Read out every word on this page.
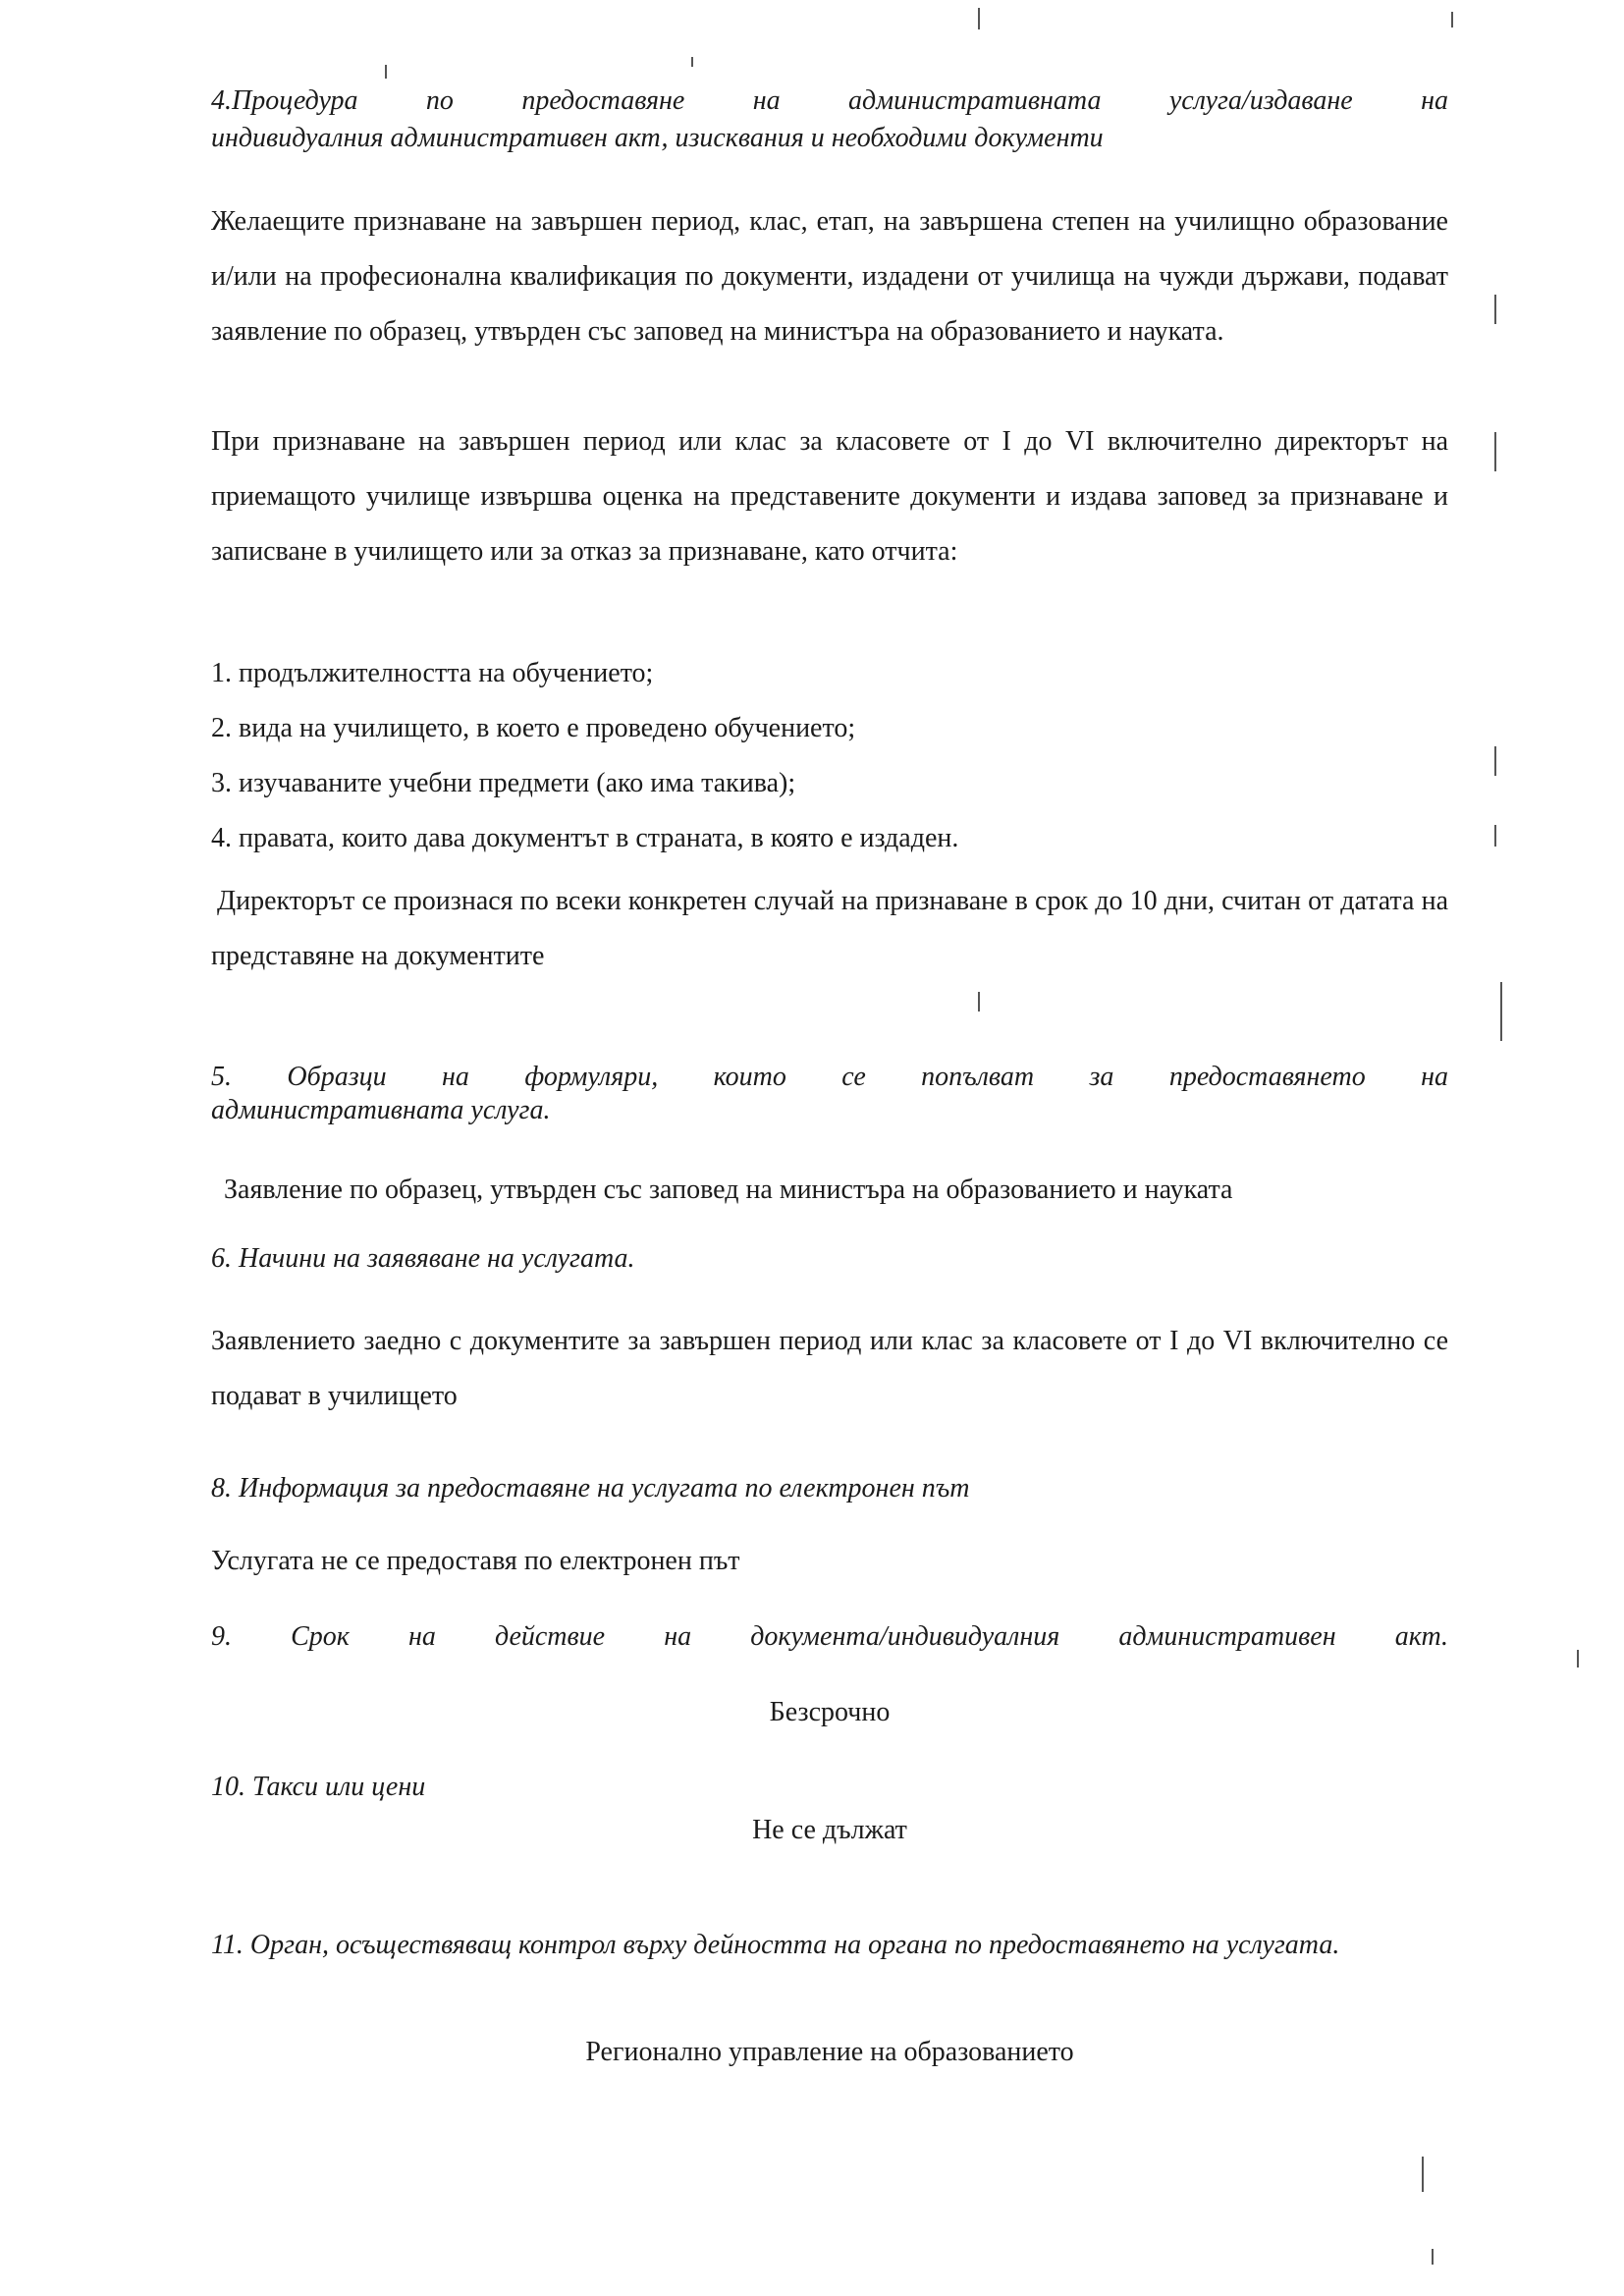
4.Процедура по предоставяне на административната услуга/издаване на
индивидуалния административен акт, изисквания и необходими документи
Желаещите признаване на завършен период, клас, етап, на завършена степен на училищно образование и/или на професионална квалификация по документи, издадени от училища на чужди държави, подават заявление по образец, утвърден със заповед на министъра на образованието и науката.
При признаване на завършен период или клас за класовете от I до VI включително директорът на приемащото училище извършва оценка на представените документи и издава заповед за признаване и записване в училището или за отказ за признаване, като отчита:
1. продължителността на обучението;
2. вида на училището, в което е проведено обучението;
3. изучаваните учебни предмети (ако има такива);
4. правата, които дава документът в страната, в която е издаден.
Директорът се произнася по всеки конкретен случай на признаване в срок до 10 дни, считан от датата на представяне на документите
5. Образци на формуляри, които се попълват за предоставянето на
административната услуга.
Заявление по образец, утвърден със заповед на министъра на образованието и науката
6. Начини на заявяване на услугата.
Заявлението заедно с документите за завършен период или клас за класовете от I до VI включително се подават в училището
8. Информация за предоставяне на услугата по електронен път
Услугата не се предоставя по електронен път
9. Срок на действие на документа/индивидуалния административен акт.
Безсрочно
10. Такси или цени
Не се дължат
11. Орган, осъществяващ контрол върху дейността на органа по предоставянето на услугата.
Регионално управление на образованието
